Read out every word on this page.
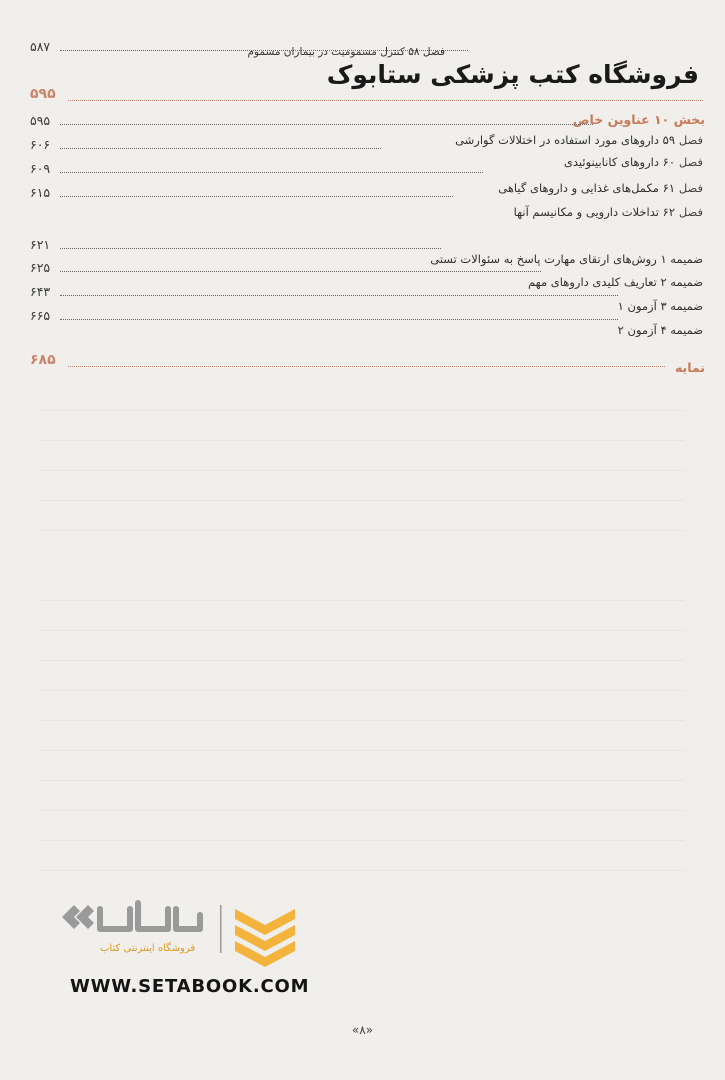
۵۸۷	فصل ۵۸ کنترل مسمومیت در بیماران مسموم
فروشگاه کتب پزشکی ستابوک
۵۹۵
بخش ۱۰ عناوین خاص
۵۹۵
فصل
۵۹ داروهای مورد استفاده در اختلالات گوارشی
۶۰۶
فصل
۶۰ داروهای کانابینوئیدی
۶۰۹
فصل
۶۱ مکمل‌های غذایی و داروهای گیاهی
۶۱۵
فصل
۶۲ تداخلات دارویی و مکانیسم آنها
۶۲۱
ضمیمه ۱ روش‌های ارتقای مهارت پاسخ به سئوالات تستی
۶۲۵
ضمیمه ۲ تعاریف کلیدی داروهای مهم
۶۴۳
ضمیمه ۳ آزمون ۱
۶۶۵
ضمیمه ۴ آزمون ۲
۶۸۵	نمایه
فروشگاه اینترنتی کتاب
WWW.SETABOOK.COM
«۸»
